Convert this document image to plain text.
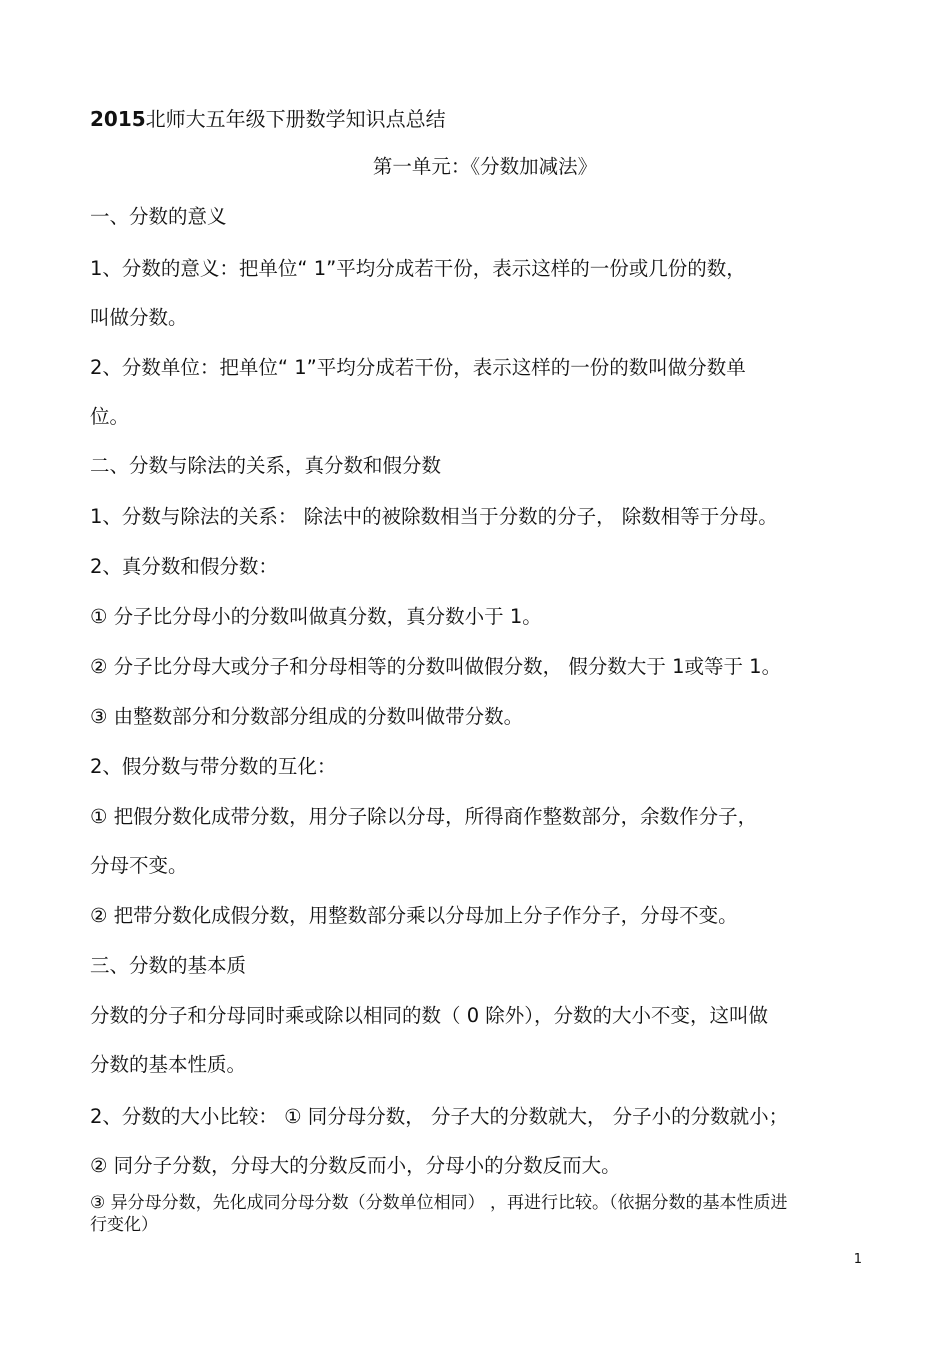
2015北师大五年级下册数学知识点总结
第一单元：《分数加减法》
一、分数的意义
1、分数的意义：把单位“ 1”平均分成若干份，表示这样的一份或几份的数，
叫做分数。
2、分数单位：把单位“ 1”平均分成若干份，表示这样的一份的数叫做分数单
位。
二、分数与除法的关系，真分数和假分数
1、分数与除法的关系： 除法中的被除数相当于分数的分子， 除数相等于分母。
2、真分数和假分数：
① 分子比分母小的分数叫做真分数，真分数小于 1。
② 分子比分母大或分子和分母相等的分数叫做假分数， 假分数大于 1或等于 1。
③ 由整数部分和分数部分组成的分数叫做带分数。
2、假分数与带分数的互化：
① 把假分数化成带分数，用分子除以分母，所得商作整数部分，余数作分子，
分母不变。
② 把带分数化成假分数，用整数部分乘以分母加上分子作分子，分母不变。
三、分数的基本质
分数的分子和分母同时乘或除以相同的数（ 0 除外），分数的大小不变，这叫做
分数的基本性质。
2、分数的大小比较： ① 同分母分数， 分子大的分数就大， 分子小的分数就小；
② 同分子分数，分母大的分数反而小，分母小的分数反而大。
③ 异分母分数，先化成同分母分数（分数单位相同） ，再进行比较。（依据分数的基本性质进
行变化）
1
